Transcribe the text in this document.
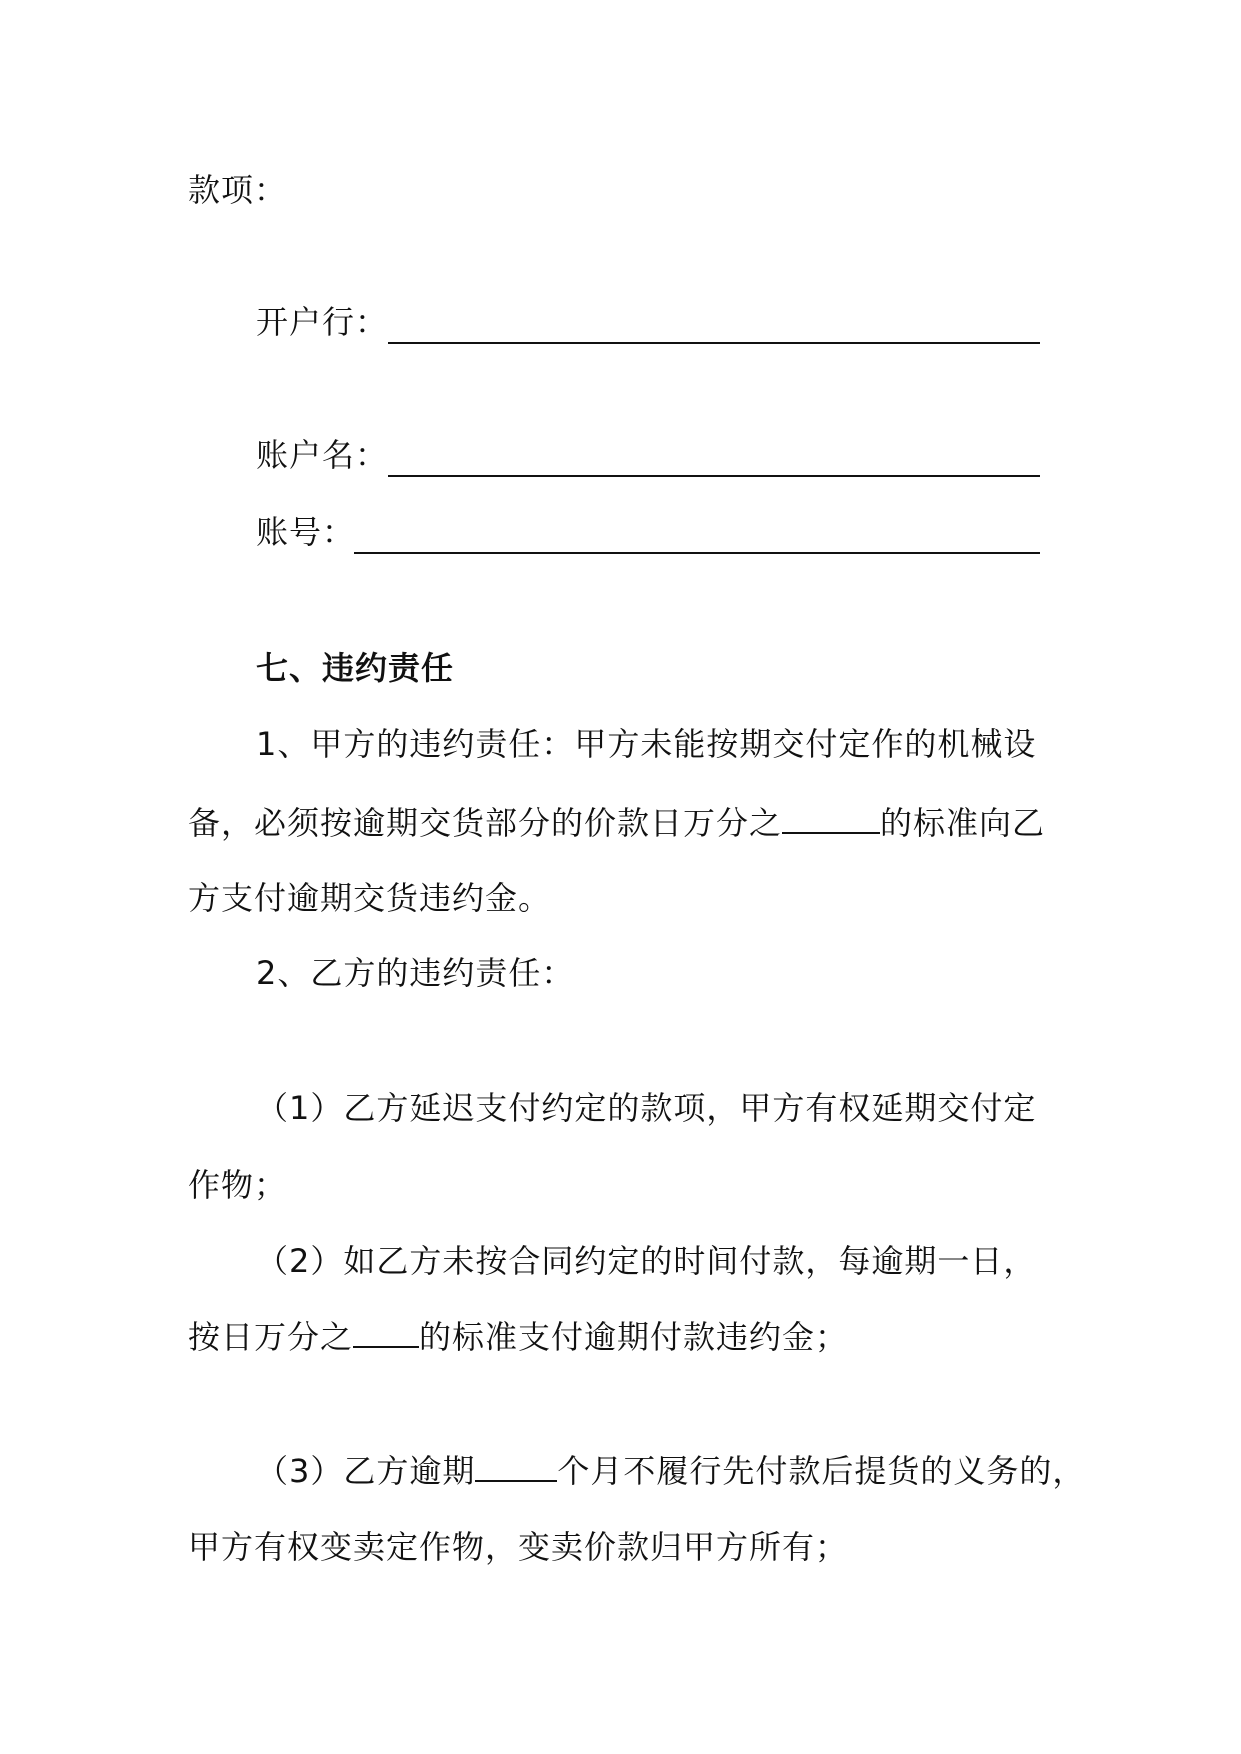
款项：
开户行：
账户名：
账号：
七、违约责任
1、甲方的违约责任：甲方未能按期交付定作的机械设
备，必须按逾期交货部分的价款日万分之	的标准向乙
方支付逾期交货违约金。
2、乙方的违约责任：
（1）乙方延迟支付约定的款项，甲方有权延期交付定
作物；
（2）如乙方未按合同约定的时间付款，每逾期一日，
按日万分之 的标准支付逾期付款违约金；
（3）乙方逾期	个月不履行先付款后提货的义务的，
甲方有权变卖定作物，变卖价款归甲方所有；
